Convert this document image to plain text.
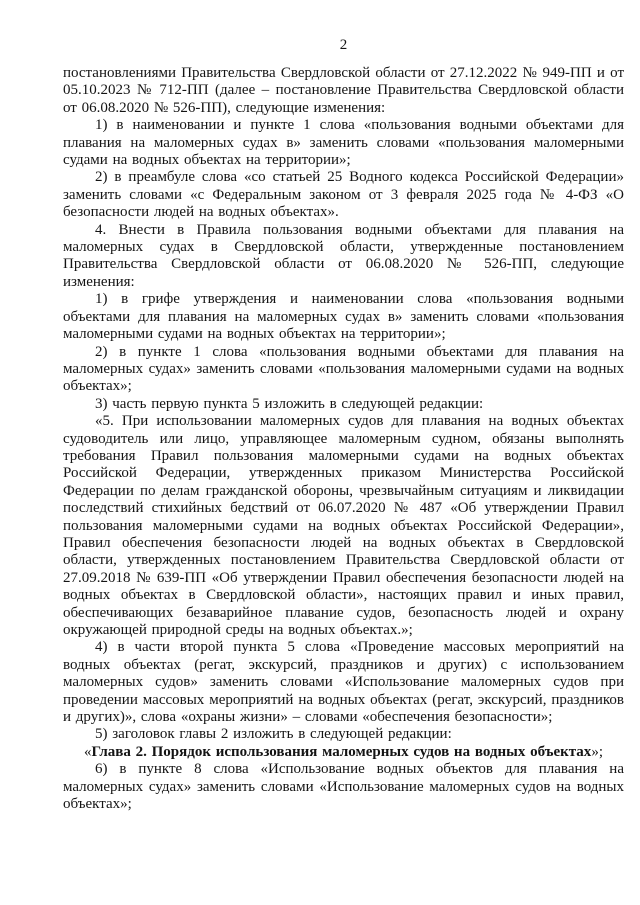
2

постановлениями Правительства Свердловской области от 27.12.2022 № 949-ПП и от 05.10.2023 № 712-ПП (далее – постановление Правительства Свердловской области от 06.08.2020 № 526-ПП), следующие изменения:

1) в наименовании и пункте 1 слова «пользования водными объектами для плавания на маломерных судах в» заменить словами «пользования маломерными судами на водных объектах на территории»;

2) в преамбуле слова «со статьей 25 Водного кодекса Российской Федерации» заменить словами «с Федеральным законом от 3 февраля 2025 года № 4-ФЗ «О безопасности людей на водных объектах».

4. Внести в Правила пользования водными объектами для плавания на маломерных судах в Свердловской области, утвержденные постановлением Правительства Свердловской области от 06.08.2020 № 526-ПП, следующие изменения:

1) в грифе утверждения и наименовании слова «пользования водными объектами для плавания на маломерных судах в» заменить словами «пользования маломерными судами на водных объектах на территории»;

2) в пункте 1 слова «пользования водными объектами для плавания на маломерных судах» заменить словами «пользования маломерными судами на водных объектах»;

3) часть первую пункта 5 изложить в следующей редакции:

«5. При использовании маломерных судов для плавания на водных объектах судоводитель или лицо, управляющее маломерным судном, обязаны выполнять требования Правил пользования маломерными судами на водных объектах Российской Федерации, утвержденных приказом Министерства Российской Федерации по делам гражданской обороны, чрезвычайным ситуациям и ликвидации последствий стихийных бедствий от 06.07.2020 № 487 «Об утверждении Правил пользования маломерными судами на водных объектах Российской Федерации», Правил обеспечения безопасности людей на водных объектах в Свердловской области, утвержденных постановлением Правительства Свердловской области от 27.09.2018 № 639-ПП «Об утверждении Правил обеспечения безопасности людей на водных объектах в Свердловской области», настоящих правил и иных правил, обеспечивающих безаварийное плавание судов, безопасность людей и охрану окружающей природной среды на водных объектах.»;

4) в части второй пункта 5 слова «Проведение массовых мероприятий на водных объектах (регат, экскурсий, праздников и других) с использованием маломерных судов» заменить словами «Использование маломерных судов при проведении массовых мероприятий на водных объектах (регат, экскурсий, праздников и других)», слова «охраны жизни» – словами «обеспечения безопасности»;

5) заголовок главы 2 изложить в следующей редакции:

«Глава 2. Порядок использования маломерных судов на водных объектах»;

6) в пункте 8 слова «Использование водных объектов для плавания на маломерных судах» заменить словами «Использование маломерных судов на водных объектах»;
